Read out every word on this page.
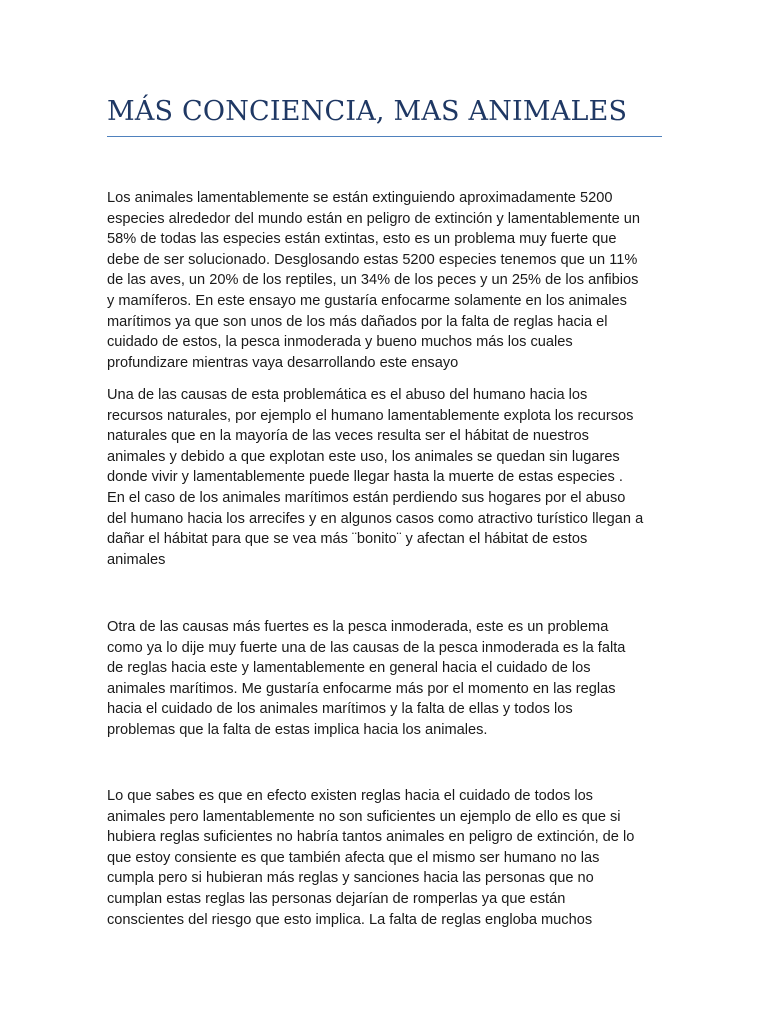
MÁS CONCIENCIA, MAS ANIMALES

Los animales lamentablemente se están extinguiendo aproximadamente 5200
especies alrededor del mundo están en peligro de extinción y lamentablemente un
58% de todas las especies están extintas, esto es un problema muy fuerte que
debe de ser solucionado. Desglosando estas 5200 especies tenemos que un 11%
de las aves, un 20% de los reptiles, un 34% de los peces y un 25% de los anfibios
y mamíferos. En este ensayo me gustaría enfocarme solamente en los animales
marítimos ya que son unos de los más dañados por la falta de reglas hacia el
cuidado de estos, la pesca inmoderada y bueno muchos más los cuales
profundizare mientras vaya desarrollando este ensayo

Una de las causas de esta problemática es el abuso del humano hacia los
recursos naturales, por ejemplo el humano lamentablemente explota los recursos
naturales que en la mayoría de las veces resulta ser el hábitat de nuestros
animales y debido a que explotan este uso, los animales se quedan sin lugares
donde vivir y lamentablemente puede llegar hasta la muerte de estas especies .
En el caso de los animales marítimos están perdiendo sus hogares por el abuso
del humano hacia los arrecifes y en algunos casos como atractivo turístico llegan a
dañar el hábitat para que se vea más ¨bonito¨ y afectan el hábitat de estos
animales

Otra de las causas más fuertes es la pesca inmoderada, este es un problema
como ya lo dije muy fuerte una de las causas de la pesca inmoderada es la falta
de reglas hacia este y lamentablemente en general hacia el cuidado de los
animales marítimos. Me gustaría enfocarme más por el momento en las reglas
hacia el cuidado de los animales marítimos y la falta de ellas y todos los
problemas que la falta de estas implica hacia los animales.

Lo que sabes es que en efecto existen reglas hacia el cuidado de todos los
animales pero lamentablemente no son suficientes un ejemplo de ello es que si
hubiera reglas suficientes no habría tantos animales en peligro de extinción, de lo
que estoy consiente es que también afecta que el mismo ser humano no las
cumpla pero si hubieran más reglas y sanciones hacia las personas que no
cumplan estas reglas las personas dejarían de romperlas ya que están
conscientes del riesgo que esto implica. La falta de reglas engloba muchos
